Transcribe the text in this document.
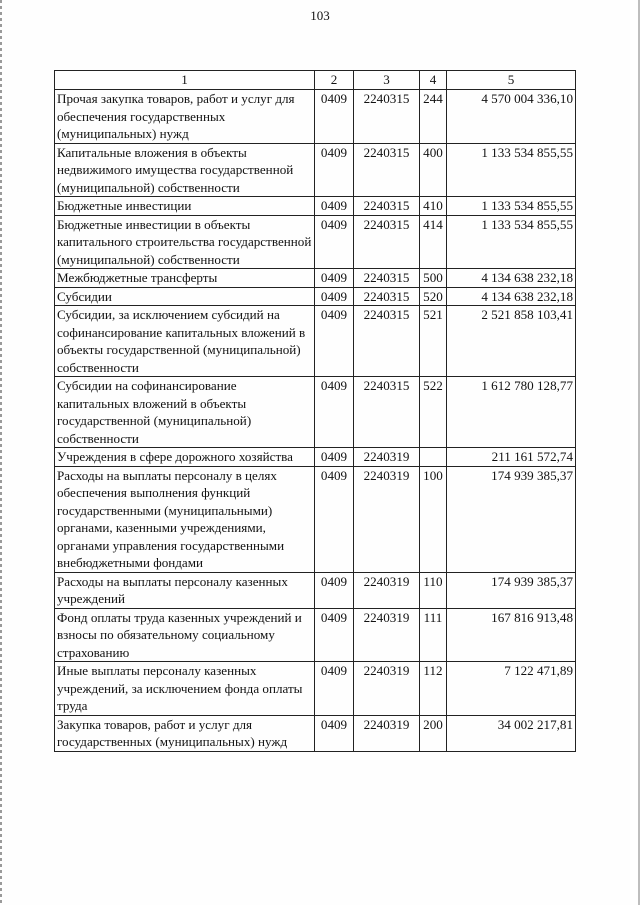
103
1	2	3	4	5
Прочая закупка товаров, работ и услуг для обеспечения государственных (муниципальных) нужд	0409	2240315	244	4 570 004 336,10
Капитальные вложения в объекты недвижимого имущества государственной (муниципальной) собственности	0409	2240315	400	1 133 534 855,55
Бюджетные инвестиции	0409	2240315	410	1 133 534 855,55
Бюджетные инвестиции в объекты капитального строительства государственной (муниципальной) собственности	0409	2240315	414	1 133 534 855,55
Межбюджетные трансферты	0409	2240315	500	4 134 638 232,18
Субсидии	0409	2240315	520	4 134 638 232,18
Субсидии, за исключением субсидий на софинансирование капитальных вложений в объекты государственной (муниципальной) собственности	0409	2240315	521	2 521 858 103,41
Субсидии на софинансирование капитальных вложений в объекты государственной (муниципальной) собственности	0409	2240315	522	1 612 780 128,77
Учреждения в сфере дорожного хозяйства	0409	2240319		211 161 572,74
Расходы на выплаты персоналу в целях обеспечения выполнения функций государственными (муниципальными) органами, казенными учреждениями, органами управления государственными внебюджетными фондами	0409	2240319	100	174 939 385,37
Расходы на выплаты персоналу казенных учреждений	0409	2240319	110	174 939 385,37
Фонд оплаты труда казенных учреждений и взносы по обязательному социальному страхованию	0409	2240319	111	167 816 913,48
Иные выплаты персоналу казенных учреждений, за исключением фонда оплаты труда	0409	2240319	112	7 122 471,89
Закупка товаров, работ и услуг для государственных (муниципальных) нужд	0409	2240319	200	34 002 217,81
